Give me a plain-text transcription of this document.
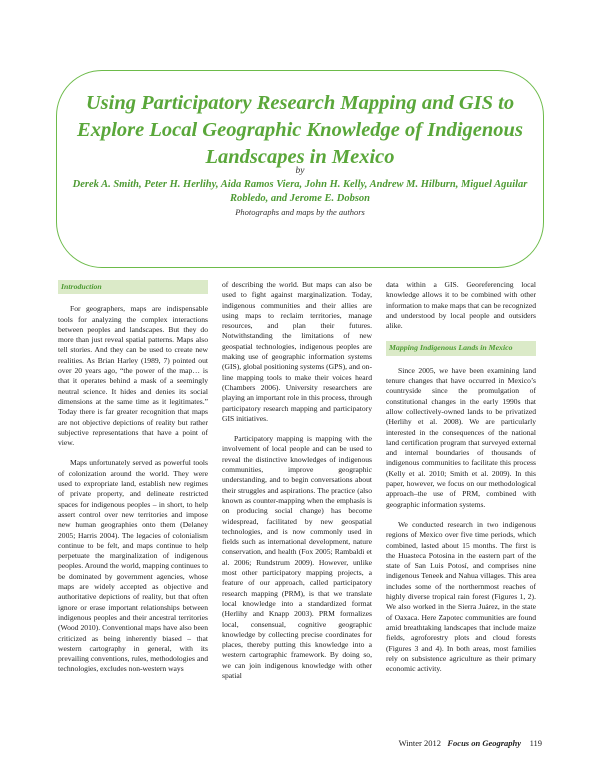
Using Participatory Research Mapping and GIS to Explore Local Geographic Knowledge of Indigenous Landscapes in Mexico
by
Derek A. Smith, Peter H. Herlihy, Aida Ramos Viera, John H. Kelly, Andrew M. Hilburn, Miguel Aguilar Robledo, and Jerome E. Dobson
Photographs and maps by the authors
Introduction

For geographers, maps are indispensable tools for analyzing the complex interactions between peoples and landscapes. But they do more than just reveal spatial patterns. Maps also tell stories. And they can be used to create new realities. As Brian Harley (1989, 7) pointed out over 20 years ago, “the power of the map… is that it operates behind a mask of a seemingly neutral science. It hides and denies its social dimensions at the same time as it legitimates.” Today there is far greater recognition that maps are not objective depictions of reality but rather subjective representations that have a point of view.

Maps unfortunately served as powerful tools of colonization around the world. They were used to expropriate land, establish new regimes of private property, and delineate restricted spaces for indigenous peoples – in short, to help assert control over new territories and impose new human geographies onto them (Delaney 2005; Harris 2004). The legacies of colonialism continue to be felt, and maps continue to help perpetuate the marginalization of indigenous peoples. Around the world, mapping continues to be dominated by government agencies, whose maps are widely accepted as objective and authoritative depictions of reality, but that often ignore or erase important relationships between indigenous peoples and their ancestral territories (Wood 2010). Conventional maps have also been criticized as being inherently biased – that western cartography in general, with its prevailing conventions, rules, methodologies and technologies, excludes non-western ways

of describing the world. But maps can also be used to fight against marginalization. Today, indigenous communities and their allies are using maps to reclaim territories, manage resources, and plan their futures. Notwithstanding the limitations of new geospatial technologies, indigenous peoples are making use of geographic information systems (GIS), global positioning systems (GPS), and on-line mapping tools to make their voices heard (Chambers 2006). University researchers are playing an important role in this process, through participatory research mapping and participatory GIS initiatives.

Participatory mapping is mapping with the involvement of local people and can be used to reveal the distinctive knowledges of indigenous communities, improve geographic understanding, and to begin conversations about their struggles and aspirations. The practice (also known as counter-mapping when the emphasis is on producing social change) has become widespread, facilitated by new geospatial technologies, and is now commonly used in fields such as international development, nature conservation, and health (Fox 2005; Rambaldi et al. 2006; Rundstrum 2009). However, unlike most other participatory mapping projects, a feature of our approach, called participatory research mapping (PRM), is that we translate local knowledge into a standardized format (Herlihy and Knapp 2003). PRM formalizes local, consensual, cognitive geographic knowledge by collecting precise coordinates for places, thereby putting this knowledge into a western cartographic framework. By doing so, we can join indigenous knowledge with other spatial

data within a GIS. Georeferencing local knowledge allows it to be combined with other information to make maps that can be recognized and understood by local people and outsiders alike.

Mapping Indigenous Lands in Mexico

Since 2005, we have been examining land tenure changes that have occurred in Mexico’s countryside since the promulgation of constitutional changes in the early 1990s that allow collectively-owned lands to be privatized (Herlihy et al. 2008). We are particularly interested in the consequences of the national land certification program that surveyed external and internal boundaries of thousands of indigenous communities to facilitate this process (Kelly et al. 2010; Smith et al. 2009). In this paper, however, we focus on our methodological approach–the use of PRM, combined with geographic information systems.

We conducted research in two indigenous regions of Mexico over five time periods, which combined, lasted about 15 months. The first is the Huasteca Potosina in the eastern part of the state of San Luis Potosí, and comprises nine indigenous Teneek and Nahua villages. This area includes some of the northernmost reaches of highly diverse tropical rain forest (Figures 1, 2). We also worked in the Sierra Juárez, in the state of Oaxaca. Here Zapotec communities are found amid breathtaking landscapes that include maize fields, agroforestry plots and cloud forests (Figures 3 and 4). In both areas, most families rely on subsistence agriculture as their primary economic activity.

Winter 2012 Focus on Geography 119
